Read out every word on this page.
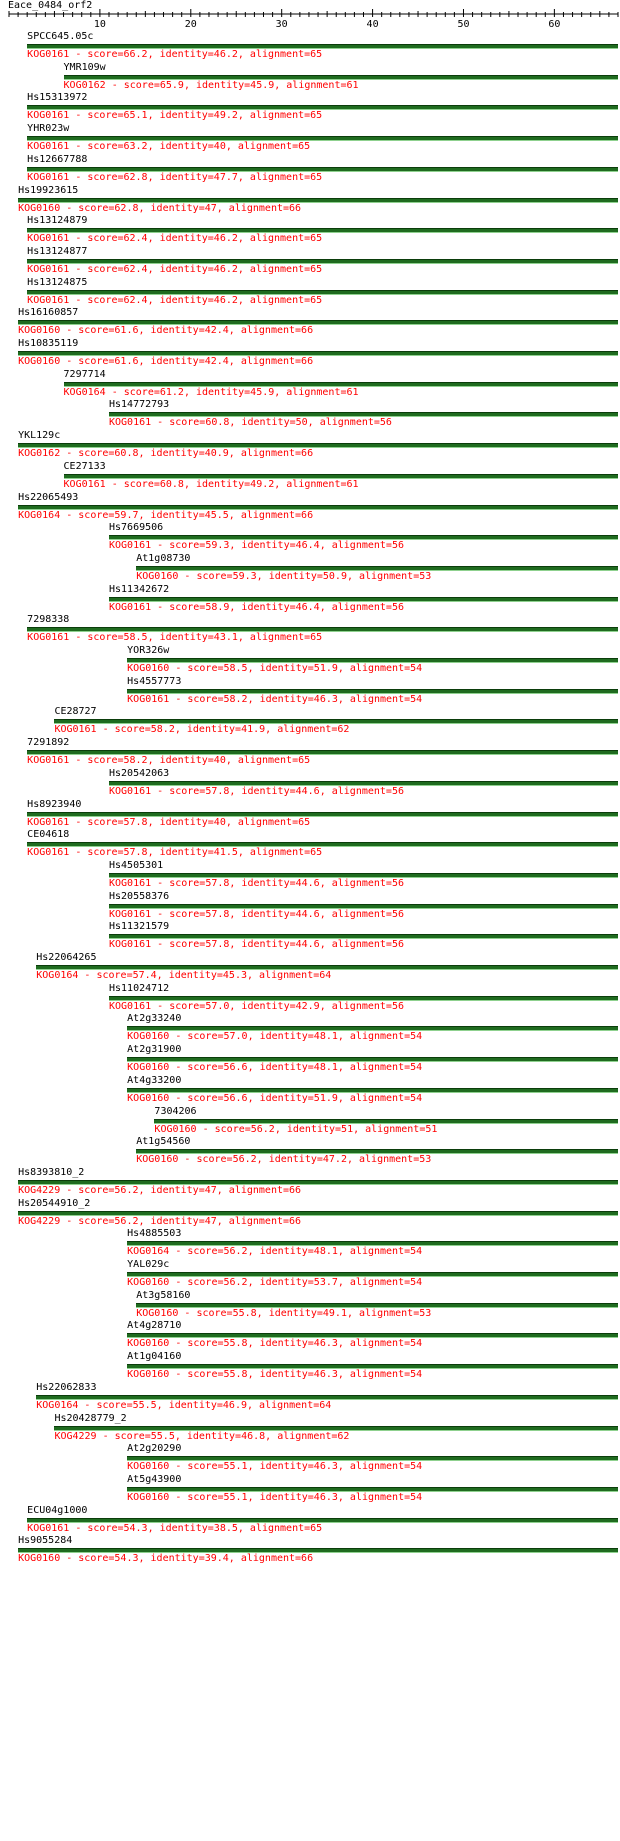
Eace_0484_orf2
10	20	30	40	50	60
SPCC645.05c
KOG0161 - score=66.2, identity=46.2, alignment=65
YMR109w
KOG0162 - score=65.9, identity=45.9, alignment=61
Hs15313972
KOG0161 - score=65.1, identity=49.2, alignment=65
YHR023w
KOG0161 - score=63.2, identity=40, alignment=65
Hs12667788
KOG0161 - score=62.8, identity=47.7, alignment=65
Hs19923615
KOG0160 - score=62.8, identity=47, alignment=66
Hs13124879
KOG0161 - score=62.4, identity=46.2, alignment=65
Hs13124877
KOG0161 - score=62.4, identity=46.2, alignment=65
Hs13124875
KOG0161 - score=62.4, identity=46.2, alignment=65
Hs16160857
KOG0160 - score=61.6, identity=42.4, alignment=66
Hs10835119
KOG0160 - score=61.6, identity=42.4, alignment=66
7297714
KOG0164 - score=61.2, identity=45.9, alignment=61
Hs14772793
KOG0161 - score=60.8, identity=50, alignment=56
YKL129c
KOG0162 - score=60.8, identity=40.9, alignment=66
CE27133
KOG0161 - score=60.8, identity=49.2, alignment=61
Hs22065493
KOG0164 - score=59.7, identity=45.5, alignment=66
Hs7669506
KOG0161 - score=59.3, identity=46.4, alignment=56
At1g08730
KOG0160 - score=59.3, identity=50.9, alignment=53
Hs11342672
KOG0161 - score=58.9, identity=46.4, alignment=56
7298338
KOG0161 - score=58.5, identity=43.1, alignment=65
YOR326w
KOG0160 - score=58.5, identity=51.9, alignment=54
Hs4557773
KOG0161 - score=58.2, identity=46.3, alignment=54
CE28727
KOG0161 - score=58.2, identity=41.9, alignment=62
7291892
KOG0161 - score=58.2, identity=40, alignment=65
Hs20542063
KOG0161 - score=57.8, identity=44.6, alignment=56
Hs8923940
KOG0161 - score=57.8, identity=40, alignment=65
CE04618
KOG0161 - score=57.8, identity=41.5, alignment=65
Hs4505301
KOG0161 - score=57.8, identity=44.6, alignment=56
Hs20558376
KOG0161 - score=57.8, identity=44.6, alignment=56
Hs11321579
KOG0161 - score=57.8, identity=44.6, alignment=56
Hs22064265
KOG0164 - score=57.4, identity=45.3, alignment=64
Hs11024712
KOG0161 - score=57.0, identity=42.9, alignment=56
At2g33240
KOG0160 - score=57.0, identity=48.1, alignment=54
At2g31900
KOG0160 - score=56.6, identity=48.1, alignment=54
At4g33200
KOG0160 - score=56.6, identity=51.9, alignment=54
7304206
KOG0160 - score=56.2, identity=51, alignment=51
At1g54560
KOG0160 - score=56.2, identity=47.2, alignment=53
Hs8393810_2
KOG4229 - score=56.2, identity=47, alignment=66
Hs20544910_2
KOG4229 - score=56.2, identity=47, alignment=66
Hs4885503
KOG0164 - score=56.2, identity=48.1, alignment=54
YAL029c
KOG0160 - score=56.2, identity=53.7, alignment=54
At3g58160
KOG0160 - score=55.8, identity=49.1, alignment=53
At4g28710
KOG0160 - score=55.8, identity=46.3, alignment=54
At1g04160
KOG0160 - score=55.8, identity=46.3, alignment=54
Hs22062833
KOG0164 - score=55.5, identity=46.9, alignment=64
Hs20428779_2
KOG4229 - score=55.5, identity=46.8, alignment=62
At2g20290
KOG0160 - score=55.1, identity=46.3, alignment=54
At5g43900
KOG0160 - score=55.1, identity=46.3, alignment=54
ECU04g1000
KOG0161 - score=54.3, identity=38.5, alignment=65
Hs9055284
KOG0160 - score=54.3, identity=39.4, alignment=66
